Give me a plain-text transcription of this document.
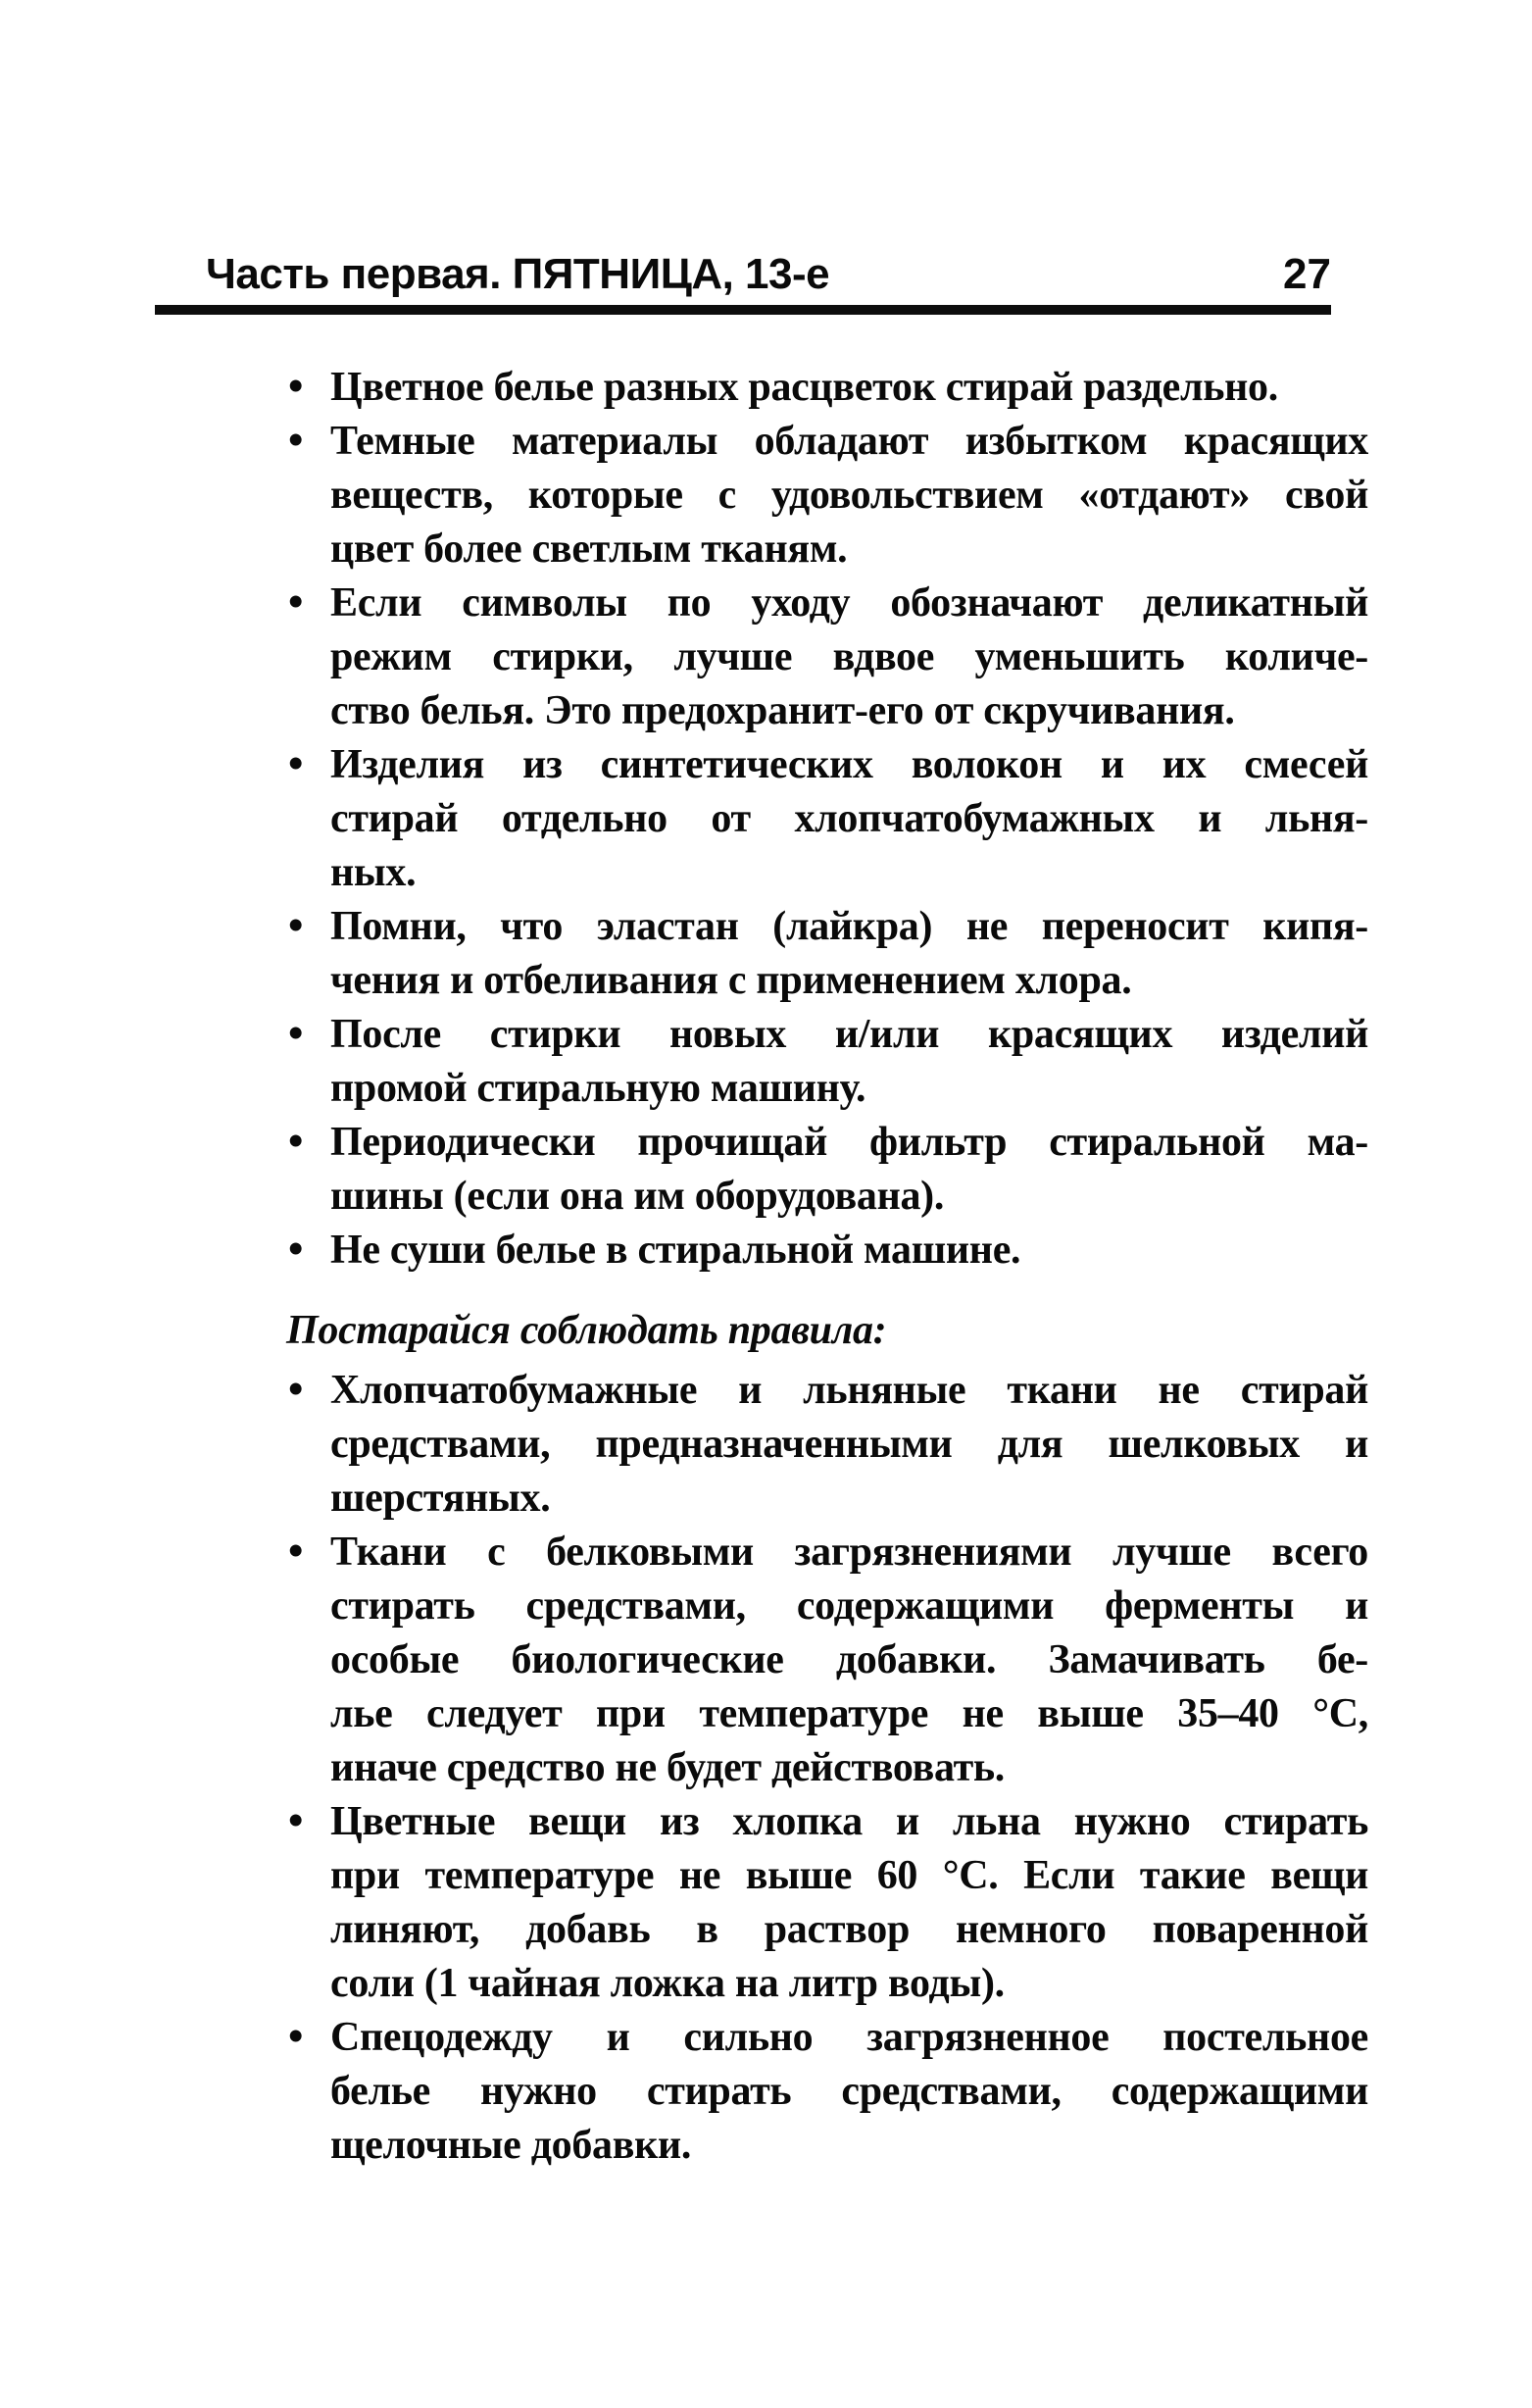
Часть первая. ПЯТНИЦА, 13-е	27
• Цветное белье разных расцветок стирай раздельно.
• Темные материалы обладают избытком красящих
веществ, которые с удовольствием «отдают» свой
цвет более светлым тканям.
• Если символы по уходу обозначают деликатный
режим стирки, лучше вдвое уменьшить количе-
ство белья. Это предохранит-его от скручивания.
• Изделия из синтетических волокон и их смесей
стирай отдельно от хлопчатобумажных и льня-
ных.
• Помни, что эластан (лайкра) не переносит кипя-
чения и отбеливания с применением хлора.
• После стирки новых и/или красящих изделий
промой стиральную машину.
• Периодически прочищай фильтр стиральной ма-
шины (если она им оборудована).
• Не суши белье в стиральной машине.
Постарайся соблюдать правила:
• Хлопчатобумажные и льняные ткани не стирай
средствами, предназначенными для шелковых и
шерстяных.
• Ткани с белковыми загрязнениями лучше всего
стирать средствами, содержащими ферменты и
особые биологические добавки. Замачивать бе-
лье следует при температуре не выше 35–40 °С,
иначе средство не будет действовать.
• Цветные вещи из хлопка и льна нужно стирать
при температуре не выше 60 °С. Если такие вещи
линяют, добавь в раствор немного поваренной
соли (1 чайная ложка на литр воды).
• Спецодежду и сильно загрязненное постельное
белье нужно стирать средствами, содержащими
щелочные добавки.
